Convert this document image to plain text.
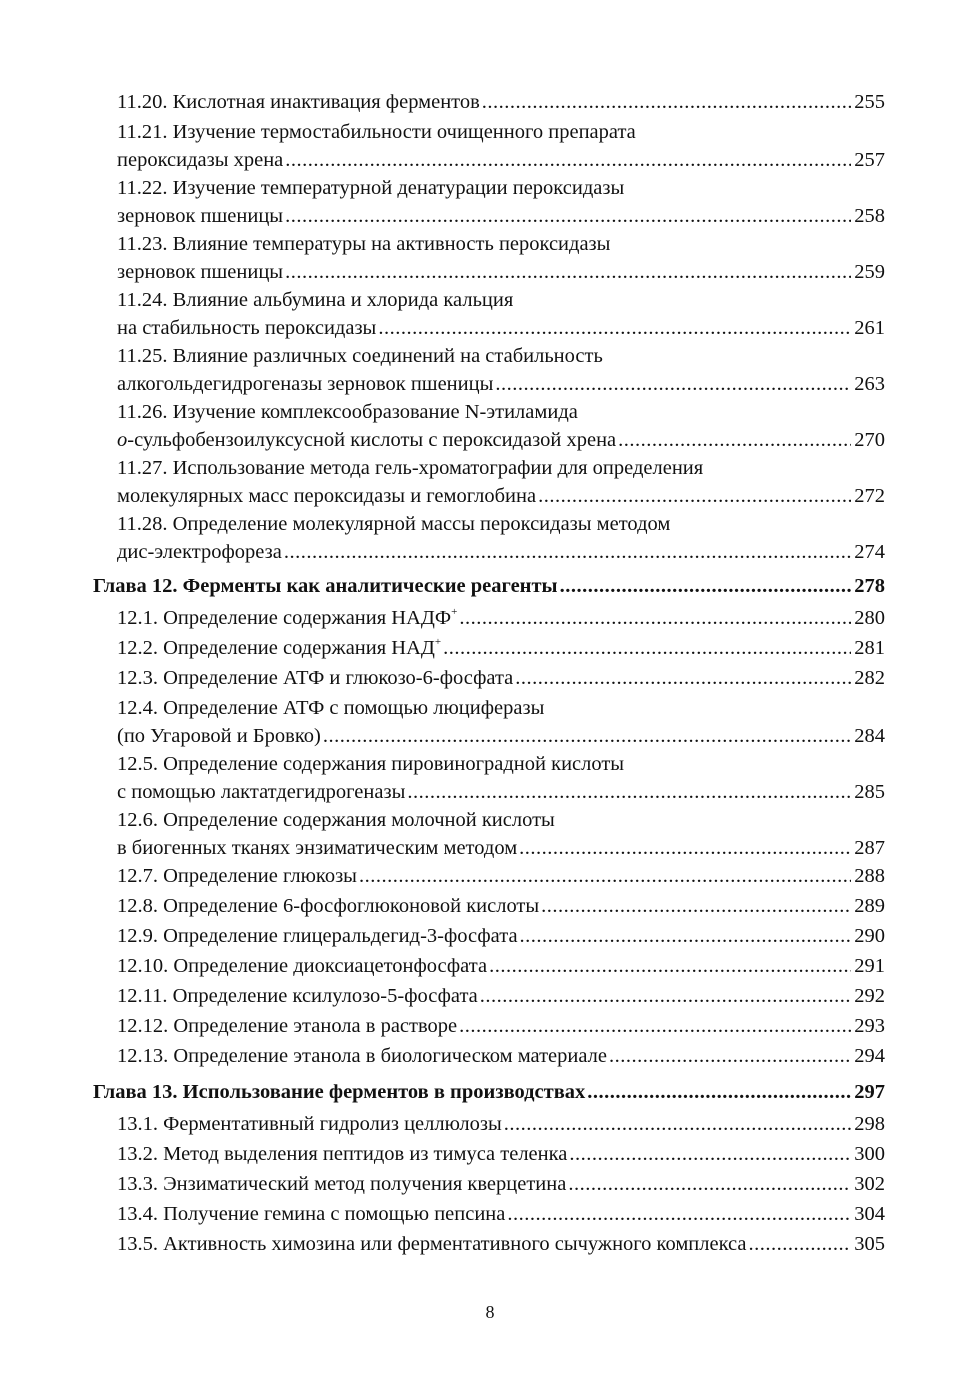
11.20. Кислотная инактивация ферментов .....	255
11.21. Изучение термостабильности очищенного препарата
пероксидазы хрена .....	257
11.22. Изучение температурной денатурации пероксидазы
зерновок пшеницы .....	258
11.23. Влияние температуры на активность пероксидазы
зерновок пшеницы .....	259
11.24. Влияние альбумина и хлорида кальция
на стабильность пероксидазы .....	261
11.25. Влияние различных соединений на стабильность
алкогольдегидрогеназы зерновок пшеницы .....	263
11.26. Изучение комплексообразование N-этиламида
о-сульфобензоилуксусной кислоты с пероксидазой хрена .....	270
11.27. Использование метода гель-хроматографии для определения
молекулярных масс пероксидазы и гемоглобина .....	272
11.28. Определение молекулярной массы пероксидазы методом
дис-электрофореза .....	274
Глава 12. Ферменты как аналитические реагенты .....	278
12.1. Определение содержания НАДФ+ .....	280
12.2. Определение содержания НАД+ .....	281
12.3. Определение АТФ и глюкозо-6-фосфата .....	282
12.4. Определение АТФ с помощью люциферазы
(по Угаровой и Бровко) .....	284
12.5. Определение содержания пировиноградной кислоты
с помощью лактатдегидрогеназы .....	285
12.6. Определение содержания молочной кислоты
в биогенных тканях энзиматическим методом .....	287
12.7. Определение глюкозы .....	288
12.8. Определение 6-фосфоглюконовой кислоты .....	289
12.9. Определение глицеральдегид-3-фосфата .....	290
12.10. Определение диоксиацетонфосфата .....	291
12.11. Определение ксилулозо-5-фосфата .....	292
12.12. Определение этанола в растворе .....	293
12.13. Определение этанола в биологическом материале .....	294
Глава 13. Использование ферментов в производствах .....	297
13.1. Ферментативный гидролиз целлюлозы .....	298
13.2. Метод выделения пептидов из тимуса теленка .....	300
13.3. Энзиматический метод получения кверцетина .....	302
13.4. Получение гемина с помощью пепсина .....	304
13.5. Активность химозина или ферментативного сычужного комплекса .....	305
8
